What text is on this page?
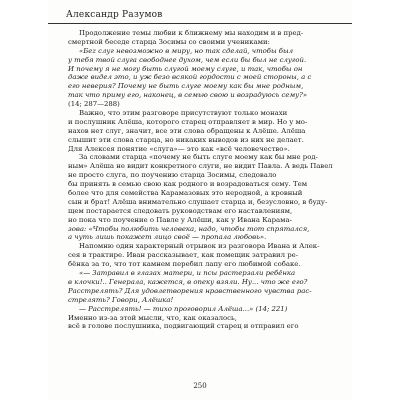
Александр Разумов
Продолжение темы любви к ближнему мы находим и в пред-
смертной беседе старца Зосимы со своими учениками:
«Бez слуг невозможно в миру, но так сделай, чтобы был
у тебя твой слуга свободнее духом, чем если бы был не слугой.
И почему я не могу быть слугой моему слуге, и так, чтобы он
даже видел это, и уж безо всякой гордости с моей стороны, а с
его неверия? Почему не быть слуге моему как бы мне родным,
так что приму его, наконец, в семью свою и возрадуюсь сему?»
(14; 287—288)
Важно, что этим разговоре присутствуют только монахи
и послушник Алёша, которого старец отправляет в мир. Но у мо-
нахов нет слуг, значит, все эти слова обращены к Алёше. Алёша
слышит эти слова старца, но никаких выводов из них не делает.
Для Алексея понятие «слуга»— это как «всё человечество».
За словами старца «почему не быть слуге моему как бы мне род-
ным» Алёша не видит конкретного слуги, не видит Павла. А ведь Павел
не просто слуга, по поучению старца Зосимы, следовало
бы принять в семью свою как родного и возрадоваться сему. Тем
более что для семейства Карамазовых это неродной, а кровный
сын и брат! Алёша внимательно слушает старца и, безусловно, в буду-
щем постарается следовать руководствам его наставлениям,
но пока что поучение о Павле у Алёши, как у Ивана Карама-
зова: «Чтобы полюбить человека, надо, чтобы тот спрятался,
а чуть лишь покажет лицо своё — пропала любовь».
Напомню один характерный отрывок из разговора Ивана и Алек-
сея в трактире. Иван рассказывает, как помещик затравил ре-
бёнка за то, что тот камнем перебил лапу его любимой собаке.
«— Затравил в глазах матери, и псы растерзали ребёнка
в клочки!.. Генерала, кажется, в опеку взяли. Ну... что же его?
Расстрелять? Для удовлетворения нравственного чувства рас-
стрелять? Говори, Алёшка!
— Расстрелять! — тихо проговорил Алёша...» (14; 221)
Именно из-за этой мысли, что, как оказалось,
всё в голове послушника, подвигающий старец и отправил его
250
